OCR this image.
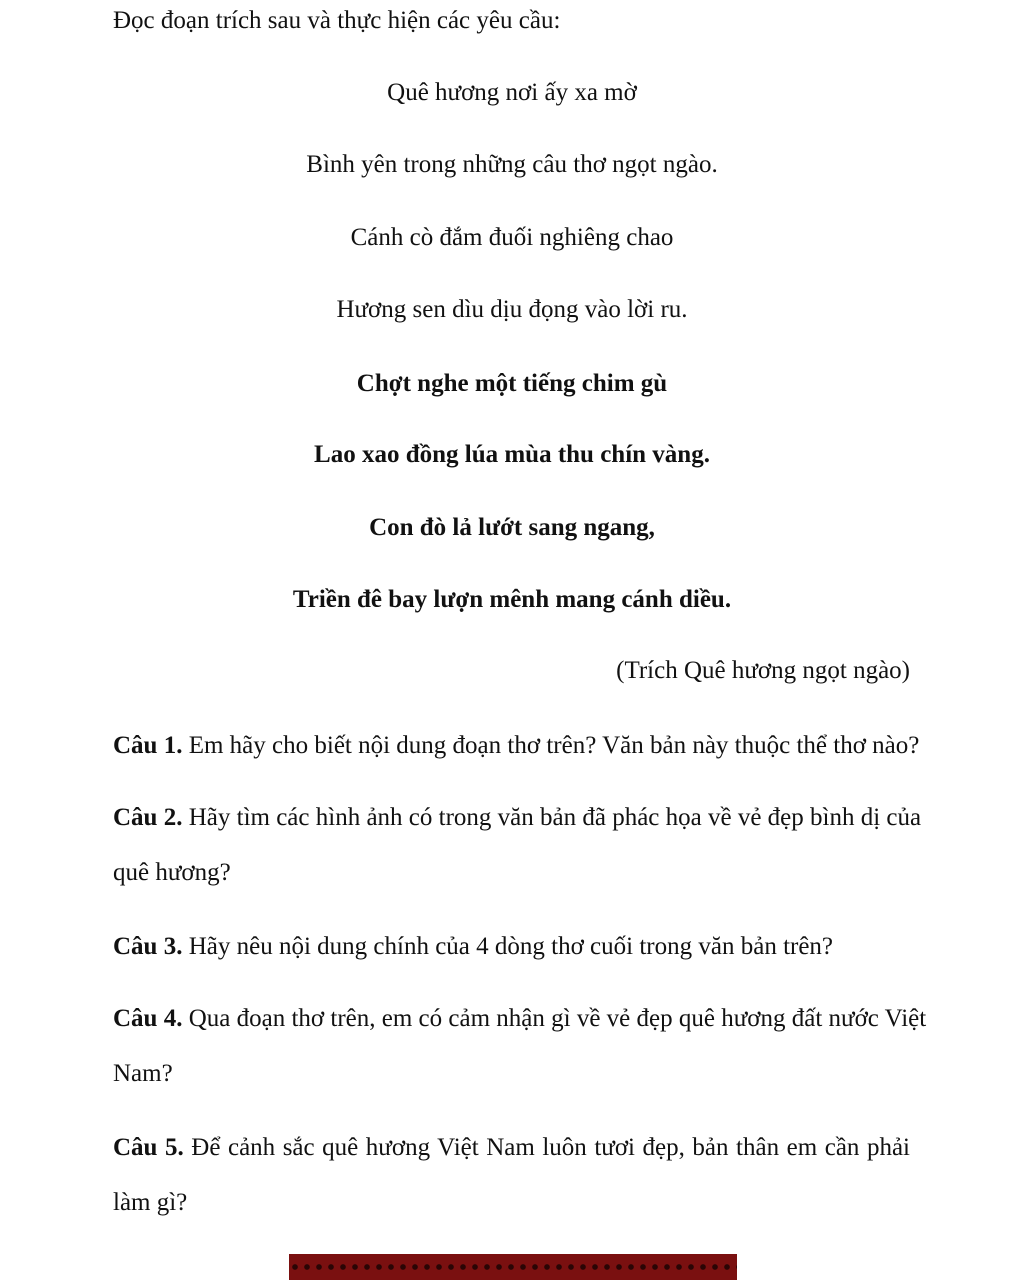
Đọc đoạn trích sau và thực hiện các yêu cầu:
Quê hương nơi ấy xa mờ
Bình yên trong những câu thơ ngọt ngào.
Cánh cò đắm đuối nghiêng chao
Hương sen dìu dịu đọng vào lời ru.
Chợt nghe một tiếng chim gù
Lao xao đồng lúa mùa thu chín vàng.
Con đò lả lướt sang ngang,
Triền đê bay lượn mênh mang cánh diều.
(Trích Quê hương ngọt ngào)
Câu 1. Em hãy cho biết nội dung đoạn thơ trên? Văn bản này thuộc thể thơ nào?
Câu 2. Hãy tìm các hình ảnh có trong văn bản đã phác họa về vẻ đẹp bình dị của
quê hương?
Câu 3. Hãy nêu nội dung chính của 4 dòng thơ cuối trong văn bản trên?
Câu 4. Qua đoạn thơ trên, em có cảm nhận gì về vẻ đẹp quê hương đất nước Việt
Nam?
Câu 5. Để cảnh sắc quê hương Việt Nam luôn tươi đẹp, bản thân em cần phải
làm gì?
